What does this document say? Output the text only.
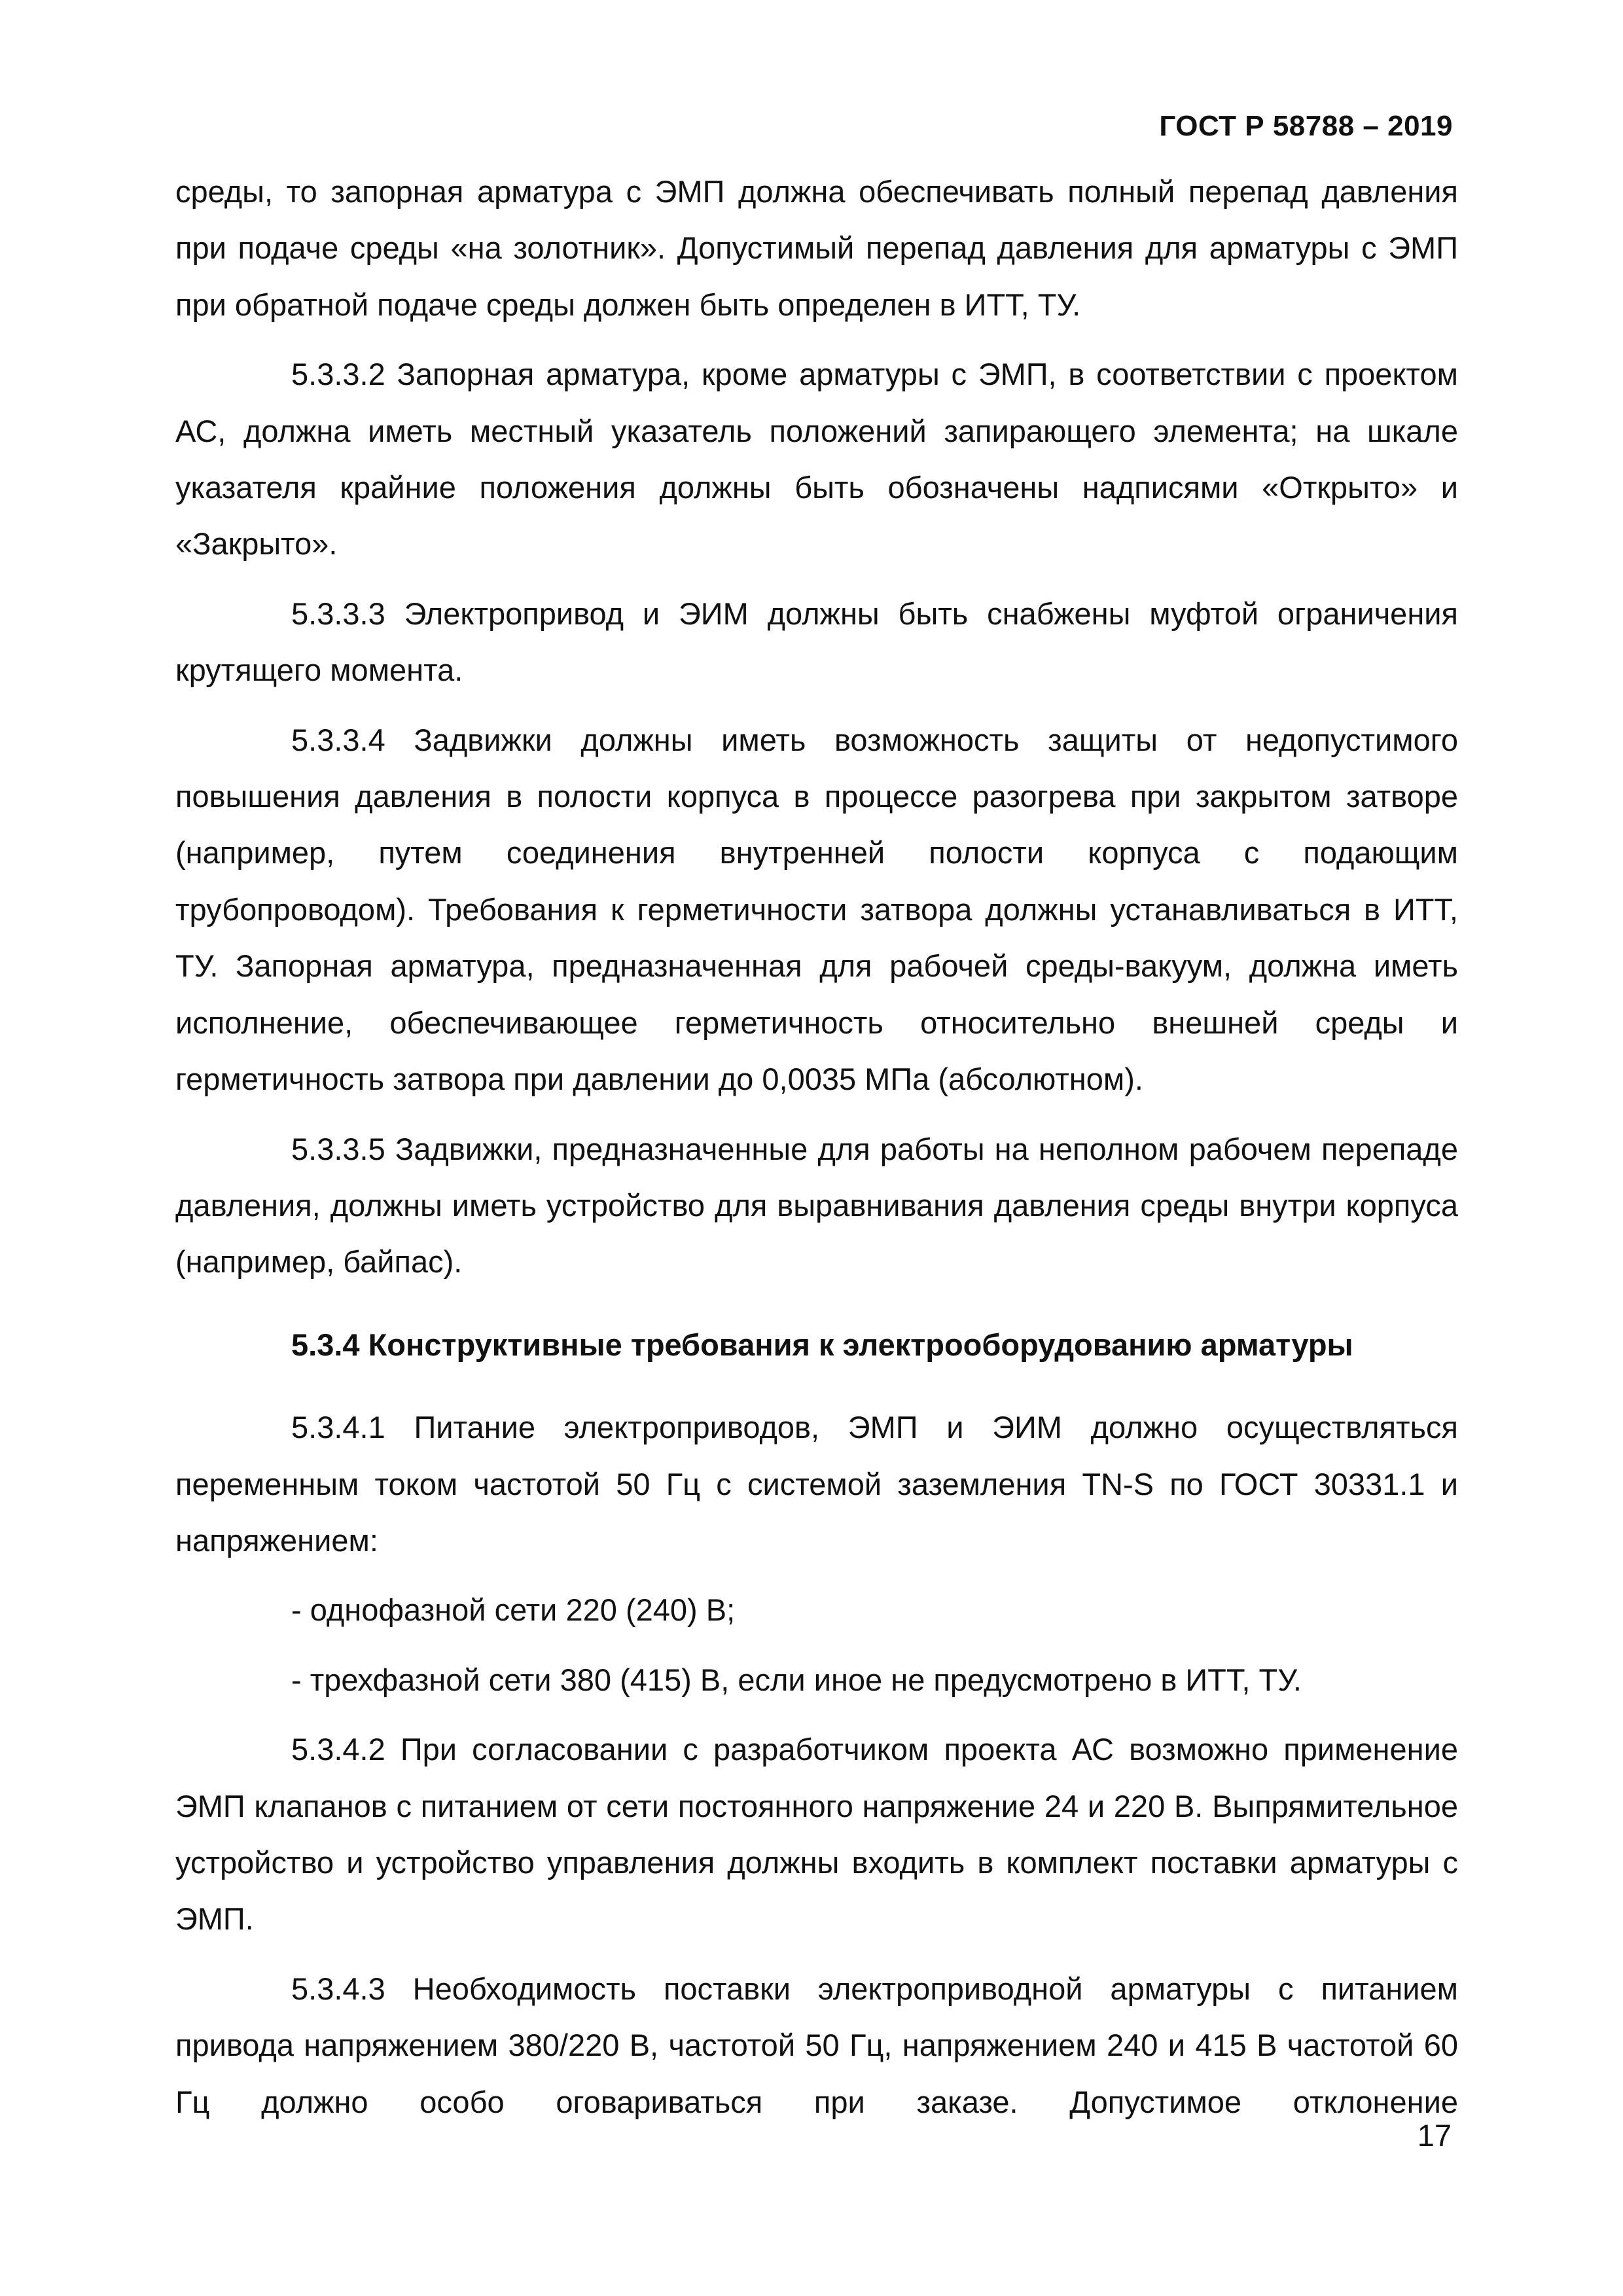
ГОСТ Р 58788 – 2019

среды, то запорная арматура с ЭМП должна обеспечивать полный перепад давления при подаче среды «на золотник». Допустимый перепад давления для арматуры с ЭМП при обратной подаче среды должен быть определен в ИТТ, ТУ.

5.3.3.2 Запорная арматура, кроме арматуры с ЭМП, в соответствии с проектом АС, должна иметь местный указатель положений запирающего элемента; на шкале указателя крайние положения должны быть обозначены надписями «Открыто» и «Закрыто».

5.3.3.3 Электропривод и ЭИМ должны быть снабжены муфтой ограничения крутящего момента.

5.3.3.4 Задвижки должны иметь возможность защиты от недопустимого повышения давления в полости корпуса в процессе разогрева при закрытом затворе (например, путем соединения внутренней полости корпуса с подающим трубопроводом). Требования к герметичности затвора должны устанавливаться в ИТТ, ТУ. Запорная арматура, предназначенная для рабочей среды-вакуум, должна иметь исполнение, обеспечивающее герметичность относительно внешней среды и герметичность затвора при давлении до 0,0035 МПа (абсолютном).

5.3.3.5 Задвижки, предназначенные для работы на неполном рабочем перепаде давления, должны иметь устройство для выравнивания давления среды внутри корпуса (например, байпас).

5.3.4 Конструктивные требования к электрооборудованию арматуры

5.3.4.1 Питание электроприводов, ЭМП и ЭИМ должно осуществляться переменным током частотой 50 Гц с системой заземления TN-S по ГОСТ 30331.1 и напряжением:

- однофазной сети 220 (240) В;

- трехфазной сети 380 (415) В, если иное не предусмотрено в ИТТ, ТУ.

5.3.4.2 При согласовании с разработчиком проекта АС возможно применение ЭМП клапанов с питанием от сети постоянного напряжение 24 и 220 В. Выпрямительное устройство и устройство управления должны входить в комплект поставки арматуры с ЭМП.

5.3.4.3 Необходимость поставки электроприводной арматуры с питанием привода напряжением 380/220 В, частотой 50 Гц, напряжением 240 и 415 В частотой 60 Гц должно особо оговариваться при заказе. Допустимое отклонение

17
